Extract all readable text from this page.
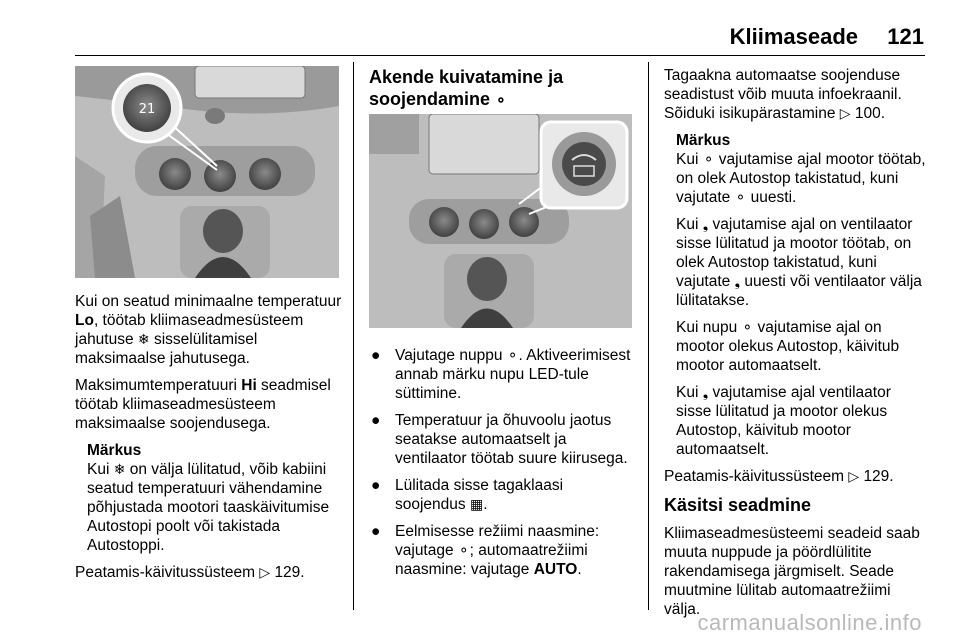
Kliimaseade 121
21

Kui on seatud minimaalne temperatuur Lo, töötab kliimaseadmesüsteem jahutuse ❄ sisselülitamisel maksimaalse jahutusega.

Maksimumtemperatuuri Hi seadmisel töötab kliimaseadmesüsteem maksimaalse soojendusega.

Märkus

Kui ❄ on välja lülitatud, võib kabiini seatud temperatuuri vähendamine põhjustada mootori taaskäivitumise Autostopi poolt või takistada Autostoppi.

Peatamis-käivitussüsteem ▷ 129.

Akende kuivatamine ja soojendamine ⚬

● Vajutage nuppu ⚬. Aktiveerimisest annab märku nupu LED-tule süttimine.
● Temperatuur ja õhuvoolu jaotus seatakse automaatselt ja ventilaator töötab suure kiirusega.
● Lülitada sisse tagaklaasi soojendus ▦.
● Eelmisesse režiimi naasmine: vajutage ⚬; automaatrežiimi naasmine: vajutage AUTO.

Tagaakna automaatse soojenduse seadistust võib muuta infoekraanil. Sõiduki isikupärastamine ▷ 100.

Märkus

Kui ⚬ vajutamise ajal mootor töötab, on olek Autostop takistatud, kuni vajutate ⚬ uuesti.

Kui ❟ vajutamise ajal on ventilaator sisse lülitatud ja mootor töötab, on olek Autostop takistatud, kuni vajutate ❟ uuesti või ventilaator välja lülitatakse.

Kui nupu ⚬ vajutamise ajal on mootor olekus Autostop, käivitub mootor automaatselt.

Kui ❟ vajutamise ajal ventilaator sisse lülitatud ja mootor olekus Autostop, käivitub mootor automaatselt.

Peatamis-käivitussüsteem ▷ 129.

Käsitsi seadmine

Kliimaseadmesüsteemi seadeid saab muuta nuppude ja pöördlülitite rakendamisega järgmiselt. Seade muutmine lülitab automaatrežiimi välja.

carmanualsonline.info
